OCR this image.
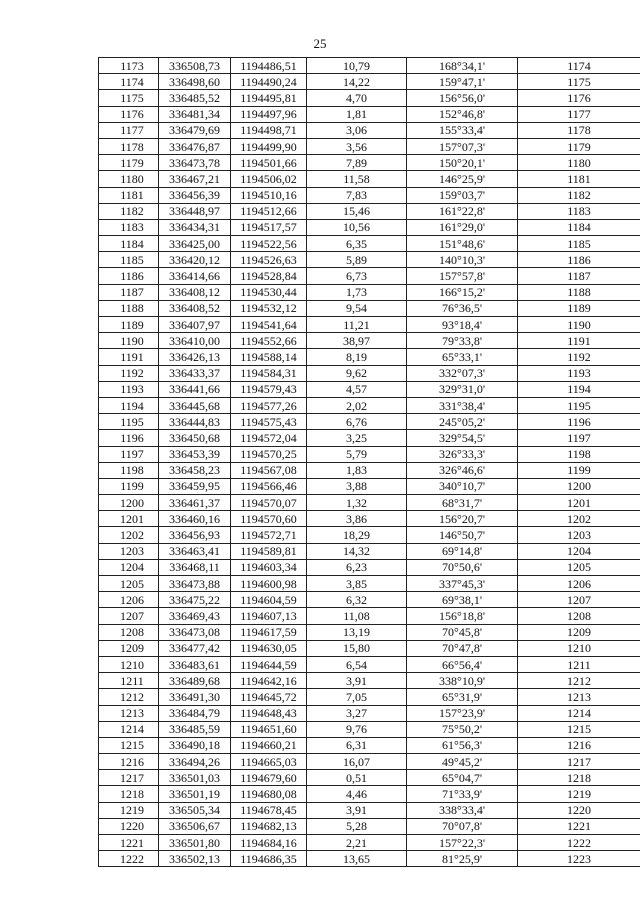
25
1173	336508,73	1194486,51	10,79	168°34,1'	1174
1174	336498,60	1194490,24	14,22	159°47,1'	1175
1175	336485,52	1194495,81	4,70	156°56,0'	1176
1176	336481,34	1194497,96	1,81	152°46,8'	1177
1177	336479,69	1194498,71	3,06	155°33,4'	1178
1178	336476,87	1194499,90	3,56	157°07,3'	1179
1179	336473,78	1194501,66	7,89	150°20,1'	1180
1180	336467,21	1194506,02	11,58	146°25,9'	1181
1181	336456,39	1194510,16	7,83	159°03,7'	1182
1182	336448,97	1194512,66	15,46	161°22,8'	1183
1183	336434,31	1194517,57	10,56	161°29,0'	1184
1184	336425,00	1194522,56	6,35	151°48,6'	1185
1185	336420,12	1194526,63	5,89	140°10,3'	1186
1186	336414,66	1194528,84	6,73	157°57,8'	1187
1187	336408,12	1194530,44	1,73	166°15,2'	1188
1188	336408,52	1194532,12	9,54	76°36,5'	1189
1189	336407,97	1194541,64	11,21	93°18,4'	1190
1190	336410,00	1194552,66	38,97	79°33,8'	1191
1191	336426,13	1194588,14	8,19	65°33,1'	1192
1192	336433,37	1194584,31	9,62	332°07,3'	1193
1193	336441,66	1194579,43	4,57	329°31,0'	1194
1194	336445,68	1194577,26	2,02	331°38,4'	1195
1195	336444,83	1194575,43	6,76	245°05,2'	1196
1196	336450,68	1194572,04	3,25	329°54,5'	1197
1197	336453,39	1194570,25	5,79	326°33,3'	1198
1198	336458,23	1194567,08	1,83	326°46,6'	1199
1199	336459,95	1194566,46	3,88	340°10,7'	1200
1200	336461,37	1194570,07	1,32	68°31,7'	1201
1201	336460,16	1194570,60	3,86	156°20,7'	1202
1202	336456,93	1194572,71	18,29	146°50,7'	1203
1203	336463,41	1194589,81	14,32	69°14,8'	1204
1204	336468,11	1194603,34	6,23	70°50,6'	1205
1205	336473,88	1194600,98	3,85	337°45,3'	1206
1206	336475,22	1194604,59	6,32	69°38,1'	1207
1207	336469,43	1194607,13	11,08	156°18,8'	1208
1208	336473,08	1194617,59	13,19	70°45,8'	1209
1209	336477,42	1194630,05	15,80	70°47,8'	1210
1210	336483,61	1194644,59	6,54	66°56,4'	1211
1211	336489,68	1194642,16	3,91	338°10,9'	1212
1212	336491,30	1194645,72	7,05	65°31,9'	1213
1213	336484,79	1194648,43	3,27	157°23,9'	1214
1214	336485,59	1194651,60	9,76	75°50,2'	1215
1215	336490,18	1194660,21	6,31	61°56,3'	1216
1216	336494,26	1194665,03	16,07	49°45,2'	1217
1217	336501,03	1194679,60	0,51	65°04,7'	1218
1218	336501,19	1194680,08	4,46	71°33,9'	1219
1219	336505,34	1194678,45	3,91	338°33,4'	1220
1220	336506,67	1194682,13	5,28	70°07,8'	1221
1221	336501,80	1194684,16	2,21	157°22,3'	1222
1222	336502,13	1194686,35	13,65	81°25,9'	1223
